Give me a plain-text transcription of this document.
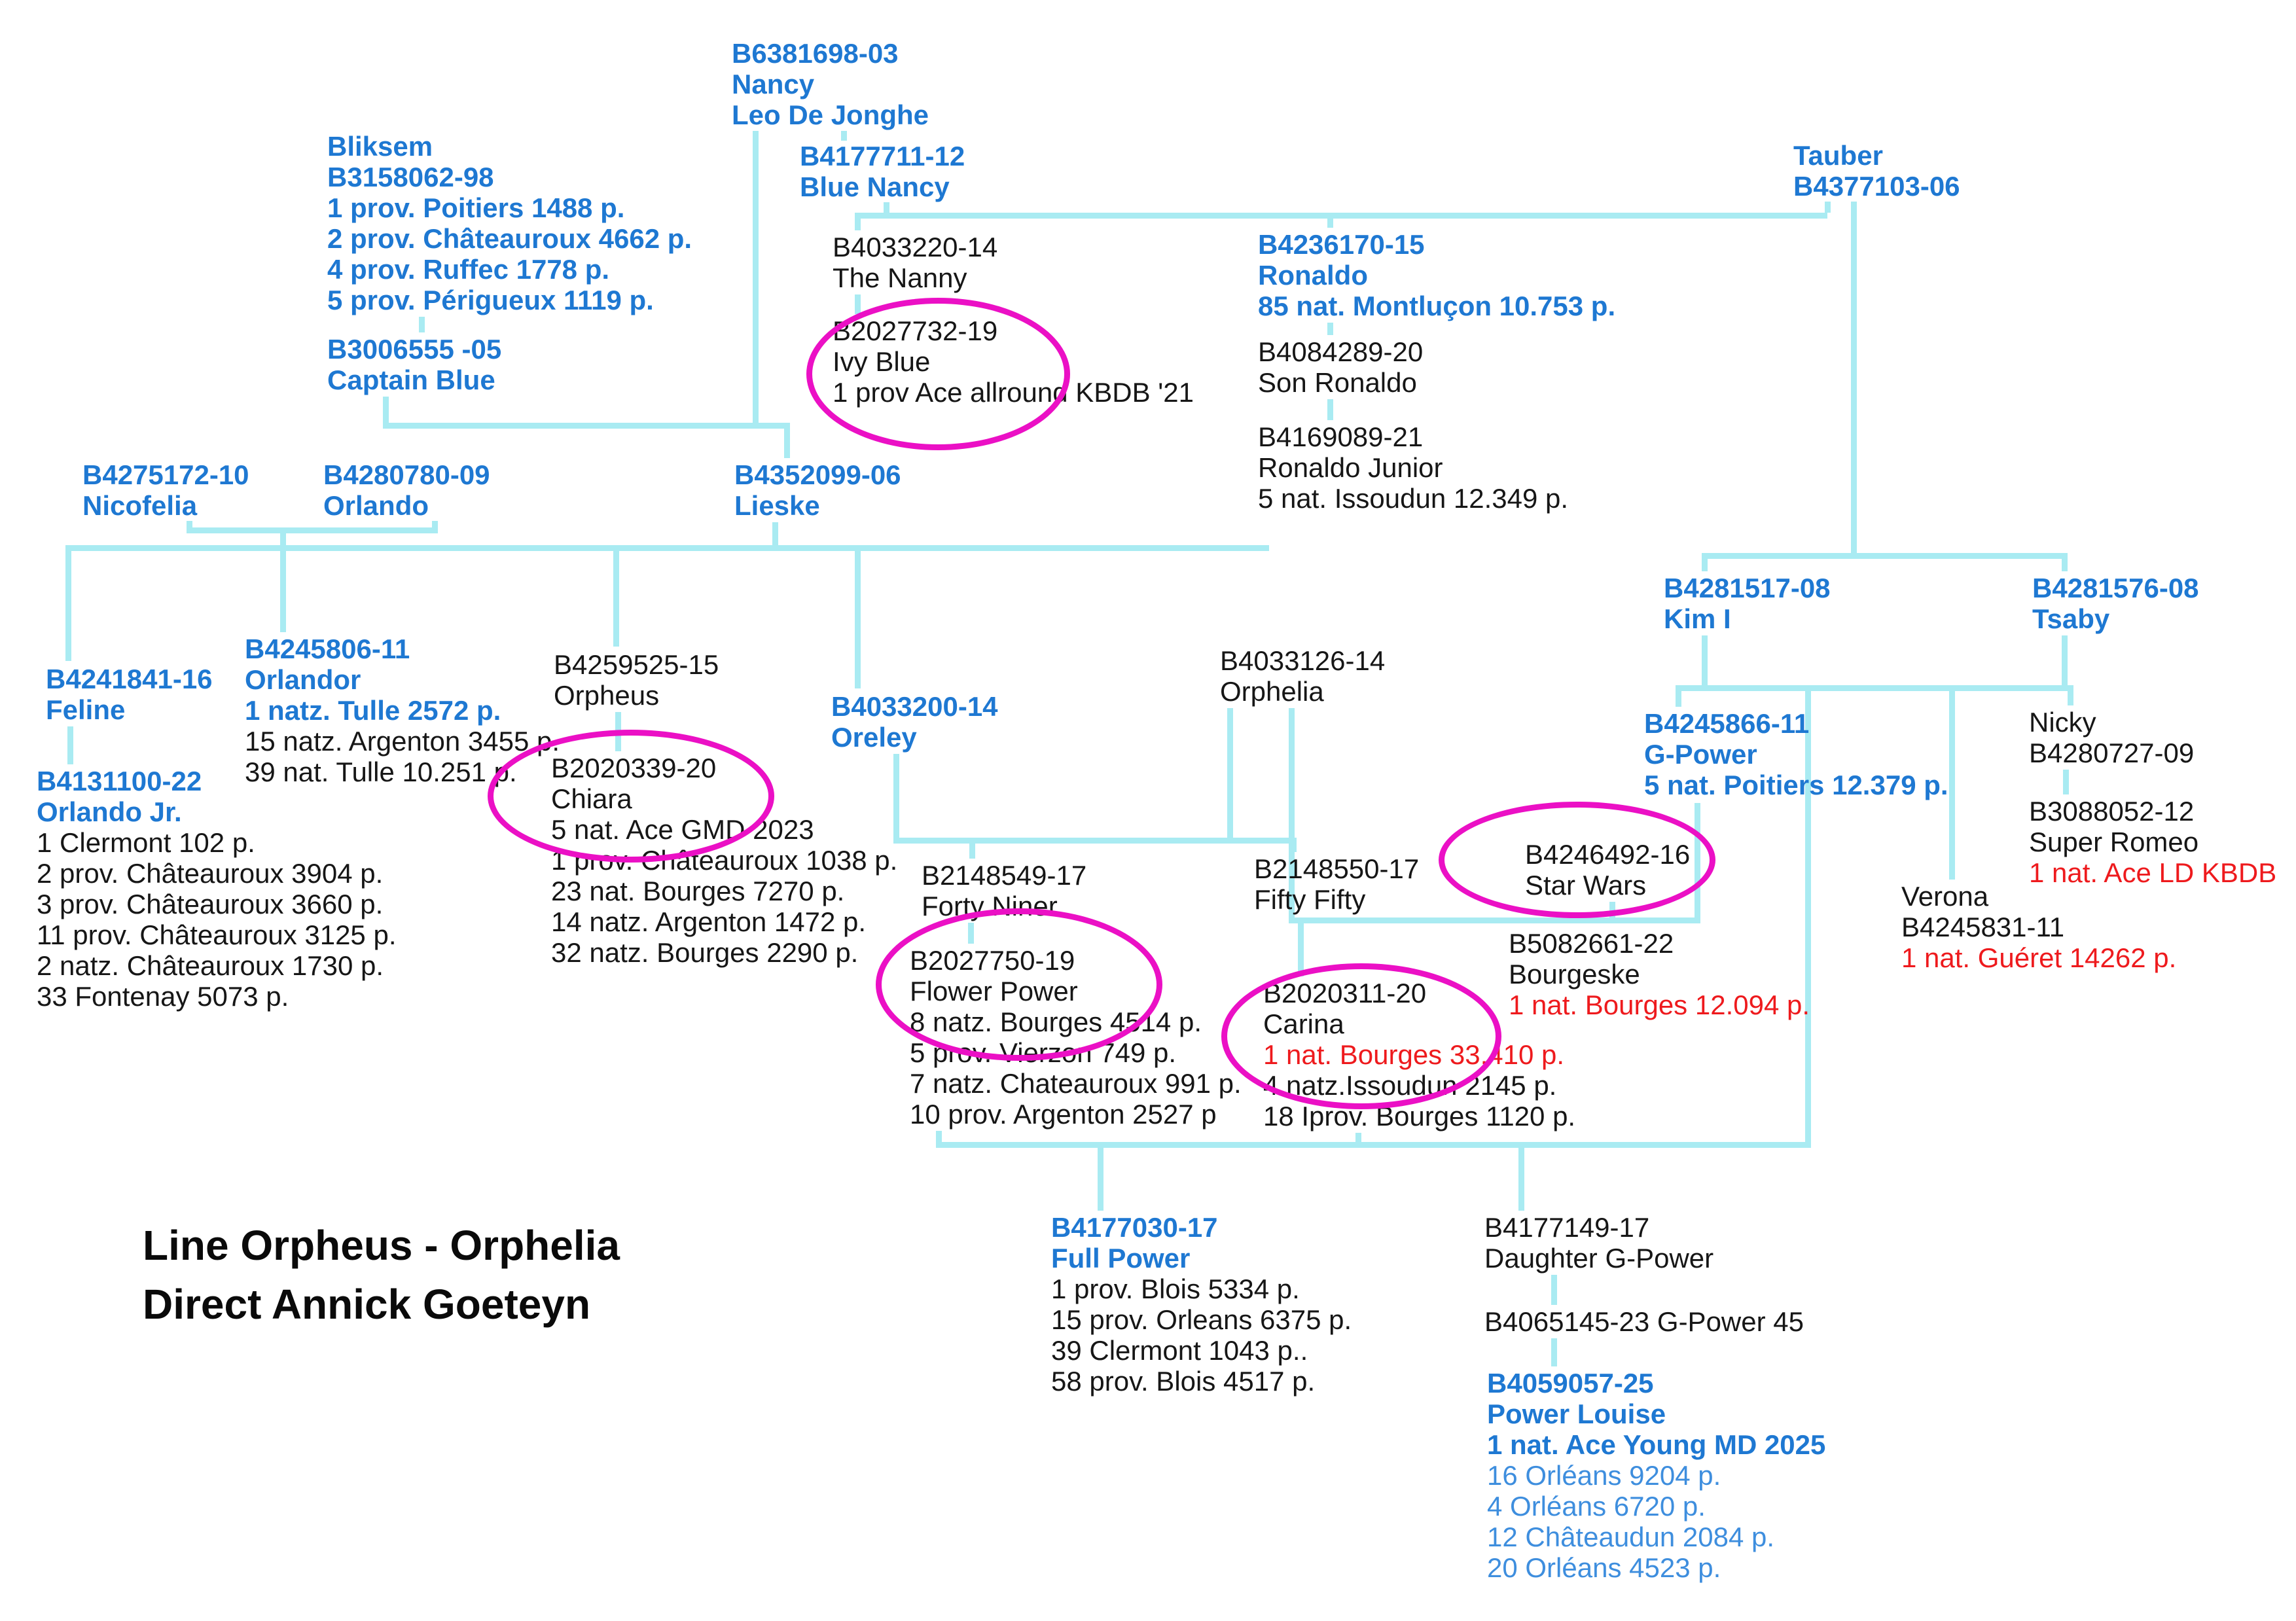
Line Orpheus - Orphelia
Direct Annick Goeteyn
B6381698-03
Nancy
Leo De Jonghe
Bliksem
B3158062-98
1 prov. Poitiers 1488 p.
2 prov. Châteauroux 4662 p.
4 prov. Ruffec 1778 p.
5 prov. Périgueux 1119 p.
B3006555 -05
Captain Blue
B4177711-12
Blue Nancy
B4033220-14
The Nanny
B2027732-19
Ivy Blue
1 prov Ace allround KBDB '21
B4236170-15
Ronaldo
85 nat. Montluçon 10.753 p.
B4084289-20
Son Ronaldo
B4169089-21
Ronaldo Junior
5 nat. Issoudun 12.349 p.
Tauber
B4377103-06
B4275172-10
Nicofelia
B4280780-09
Orlando
B4352099-06
Lieske
B4281517-08
Kim I
B4281576-08
Tsaby
B4241841-16
Feline
B4245806-11
Orlandor
1 natz. Tulle 2572 p.
15 natz. Argenton 3455 p.
39 nat. Tulle 10.251 p.
B4131100-22
Orlando Jr.
1 Clermont 102 p.
2 prov. Châteauroux 3904 p.
3 prov. Châteauroux 3660 p.
11 prov. Châteauroux 3125 p.
2 natz. Châteauroux 1730 p.
33 Fontenay 5073 p.
B4259525-15
Orpheus
B2020339-20
Chiara
5 nat. Ace GMD 2023
1 prov. Châteauroux 1038 p.
23 nat. Bourges 7270 p.
14 natz. Argenton 1472 p.
32 natz. Bourges 2290 p.
B4033200-14
Oreley
B2148549-17
Forty Niner
B2027750-19
Flower Power
8 natz. Bourges 4514 p.
5 prov. Vierzon 749 p.
7 natz. Chateauroux 991 p.
10 prov. Argenton 2527 p
B4033126-14
Orphelia
B2148550-17
Fifty Fifty
B2020311-20
Carina
1 nat. Bourges 33.410 p.
4 natz.Issoudun 2145 p.
18 Iprov. Bourges 1120 p.
B4246492-16
Star Wars
B5082661-22
Bourgeske
1 nat. Bourges 12.094 p.
B4245866-11
G-Power
5 nat. Poitiers 12.379 p.
Nicky
B4280727-09
B3088052-12
Super Romeo
1 nat. Ace LD KBDB
Verona
B4245831-11
1 nat. Guéret 14262 p.
B4177030-17
Full Power
1 prov. Blois 5334 p.
15 prov. Orleans 6375 p.
39 Clermont 1043 p..
58 prov. Blois 4517 p.
B4177149-17
Daughter G-Power
B4065145-23 G-Power 45
B4059057-25
Power Louise
1 nat. Ace Young MD 2025
16 Orléans 9204 p.
4 Orléans 6720 p.
12 Châteaudun 2084 p.
20 Orléans 4523 p.
